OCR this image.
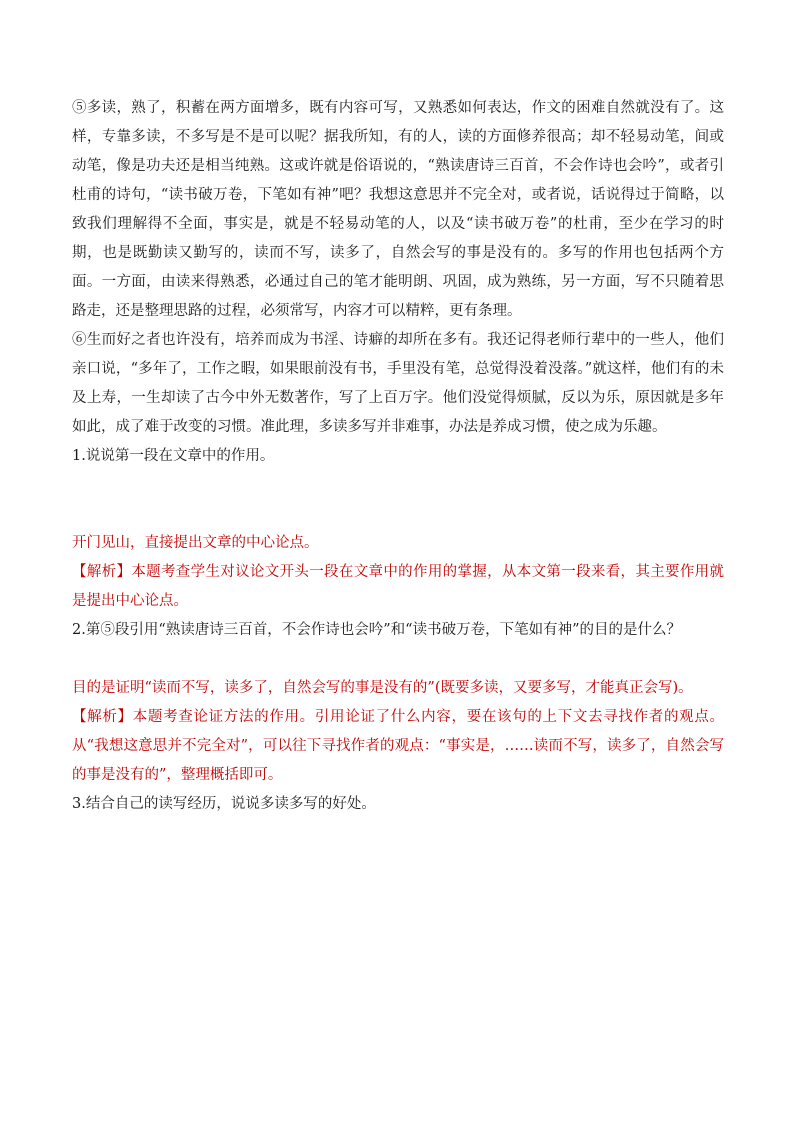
⑤多读，熟了，积蓄在两方面增多，既有内容可写，又熟悉如何表达，作文的困难自然就没有了。这样，专靠多读，不多写是不是可以呢？据我所知，有的人，读的方面修养很高；却不轻易动笔，间或动笔，像是功夫还是相当纯熟。这或许就是俗语说的，“熟读唐诗三百首，不会作诗也会吟”，或者引杜甫的诗句，“读书破万卷，下笔如有神”吧？我想这意思并不完全对，或者说，话说得过于简略，以致我们理解得不全面，事实是，就是不轻易动笔的人，以及“读书破万卷”的杜甫，至少在学习的时期，也是既勤读又勤写的，读而不写，读多了，自然会写的事是没有的。多写的作用也包括两个方面。一方面，由读来得熟悉，必通过自己的笔才能明朗、巩固，成为熟练，另一方面，写不只随着思路走，还是整理思路的过程，必须常写，内容才可以精粹，更有条理。

⑥生而好之者也许没有，培养而成为书淫、诗癖的却所在多有。我还记得老师行辈中的一些人，他们亲口说，“多年了，工作之暇，如果眼前没有书，手里没有笔，总觉得没着没落。”就这样，他们有的未及上寿，一生却读了古今中外无数著作，写了上百万字。他们没觉得烦腻，反以为乐，原因就是多年如此，成了难于改变的习惯。准此理，多读多写并非难事，办法是养成习惯，使之成为乐趣。

1.说说第一段在文章中的作用。

开门见山，直接提出文章的中心论点。

【解析】本题考查学生对议论文开头一段在文章中的作用的掌握，从本文第一段来看，其主要作用就是提出中心论点。

2.第⑤段引用“熟读唐诗三百首，不会作诗也会吟”和“读书破万卷，下笔如有神”的目的是什么？

目的是证明“读而不写，读多了，自然会写的事是没有的”(既要多读，又要多写，才能真正会写)。

【解析】本题考查论证方法的作用。引用论证了什么内容，要在该句的上下文去寻找作者的观点。从“我想这意思并不完全对”，可以往下寻找作者的观点：“事实是，……读而不写，读多了，自然会写的事是没有的”，整理概括即可。

3.结合自己的读写经历，说说多读多写的好处。
